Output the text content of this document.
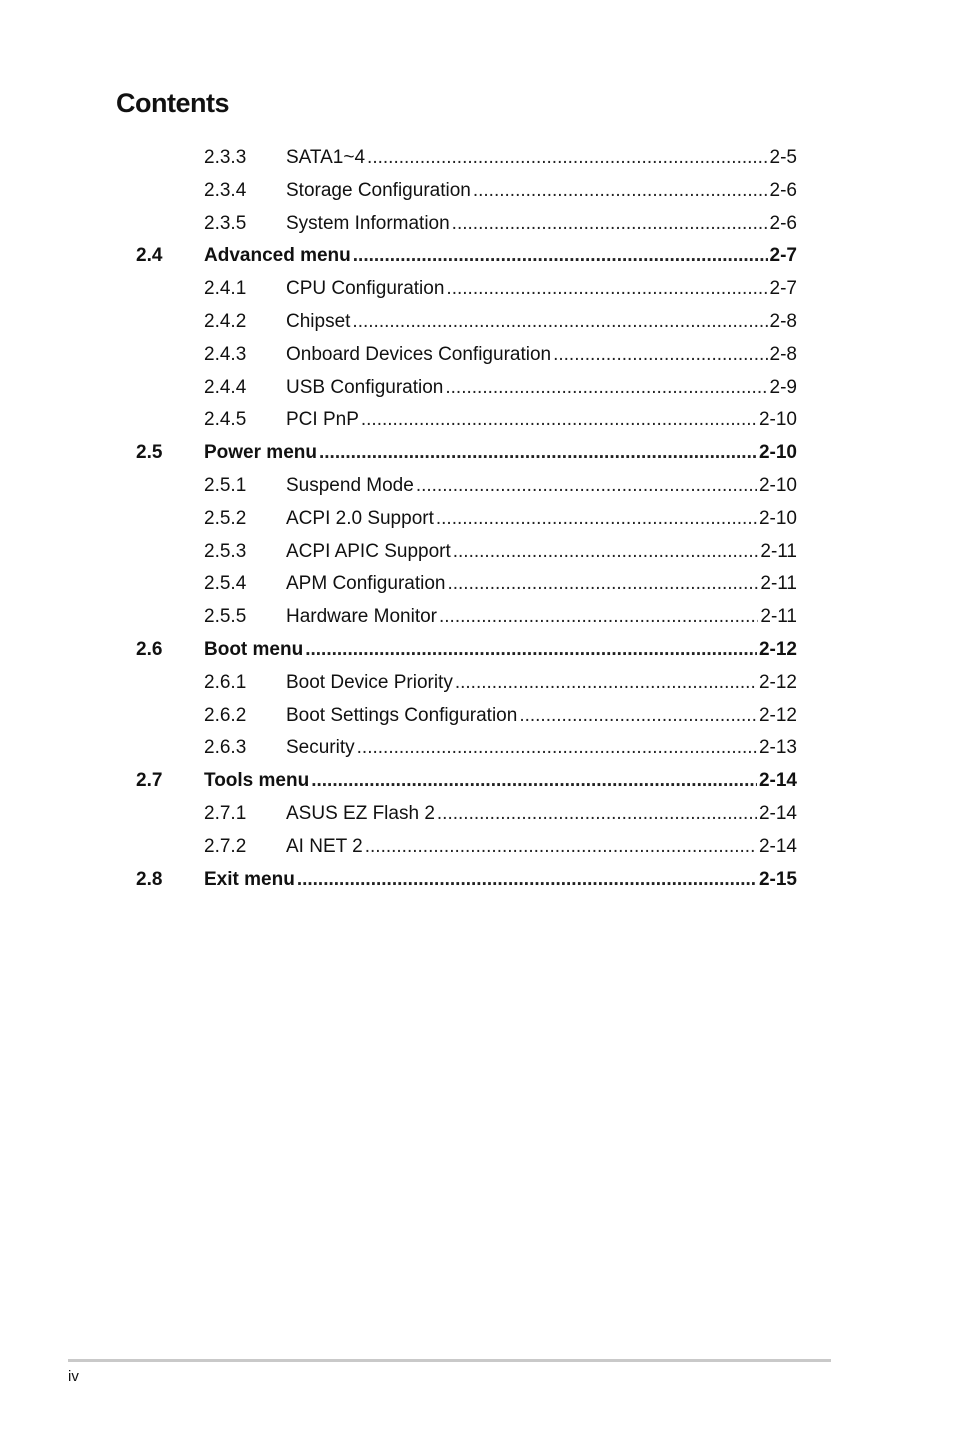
Contents
2.3.3 SATA1~4 .....	2-5
2.3.4 Storage Configuration .....	2-6
2.3.5 System Information .....	2-6
2.4 Advanced menu .....	2-7
2.4.1 CPU Configuration .....	2-7
2.4.2 Chipset .....	2-8
2.4.3 Onboard Devices Configuration .....	2-8
2.4.4 USB Configuration .....	2-9
2.4.5 PCI PnP .....	2-10
2.5 Power menu .....	2-10
2.5.1 Suspend Mode .....	2-10
2.5.2 ACPI 2.0 Support .....	2-10
2.5.3 ACPI APIC Support .....	2-11
2.5.4 APM Configuration .....	2-11
2.5.5 Hardware Monitor .....	2-11
2.6 Boot menu .....	2-12
2.6.1 Boot Device Priority .....	2-12
2.6.2 Boot Settings Configuration .....	2-12
2.6.3 Security .....	2-13
2.7 Tools menu .....	2-14
2.7.1 ASUS EZ Flash 2 .....	2-14
2.7.2 AI NET 2 .....	2-14
2.8 Exit menu .....	2-15
iv
